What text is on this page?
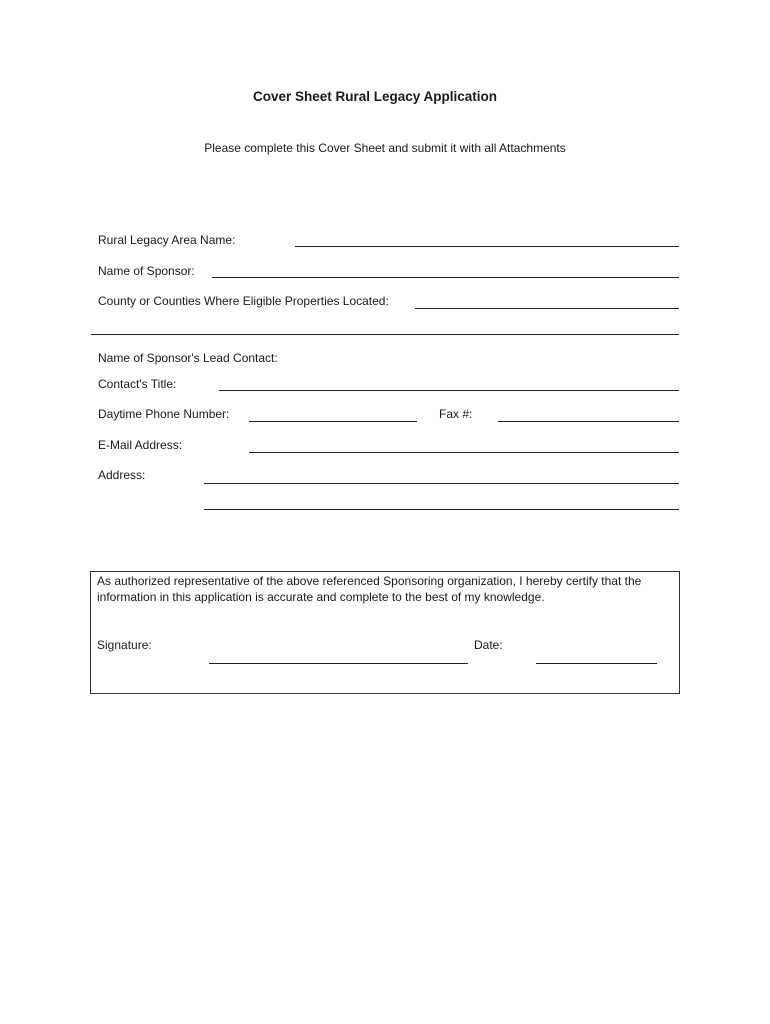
Cover Sheet Rural Legacy Application
Please complete this Cover Sheet and submit it with all Attachments
Rural Legacy Area Name:
Name of Sponsor:
County or Counties Where Eligible Properties Located:
Name of Sponsor's Lead Contact:
Contact's Title:
Daytime Phone Number:	Fax #:
E-Mail Address:
Address:
As authorized representative of the above referenced Sponsoring organization, I hereby certify that the information in this application is accurate and complete to the best of my knowledge.
Signature:	Date:
